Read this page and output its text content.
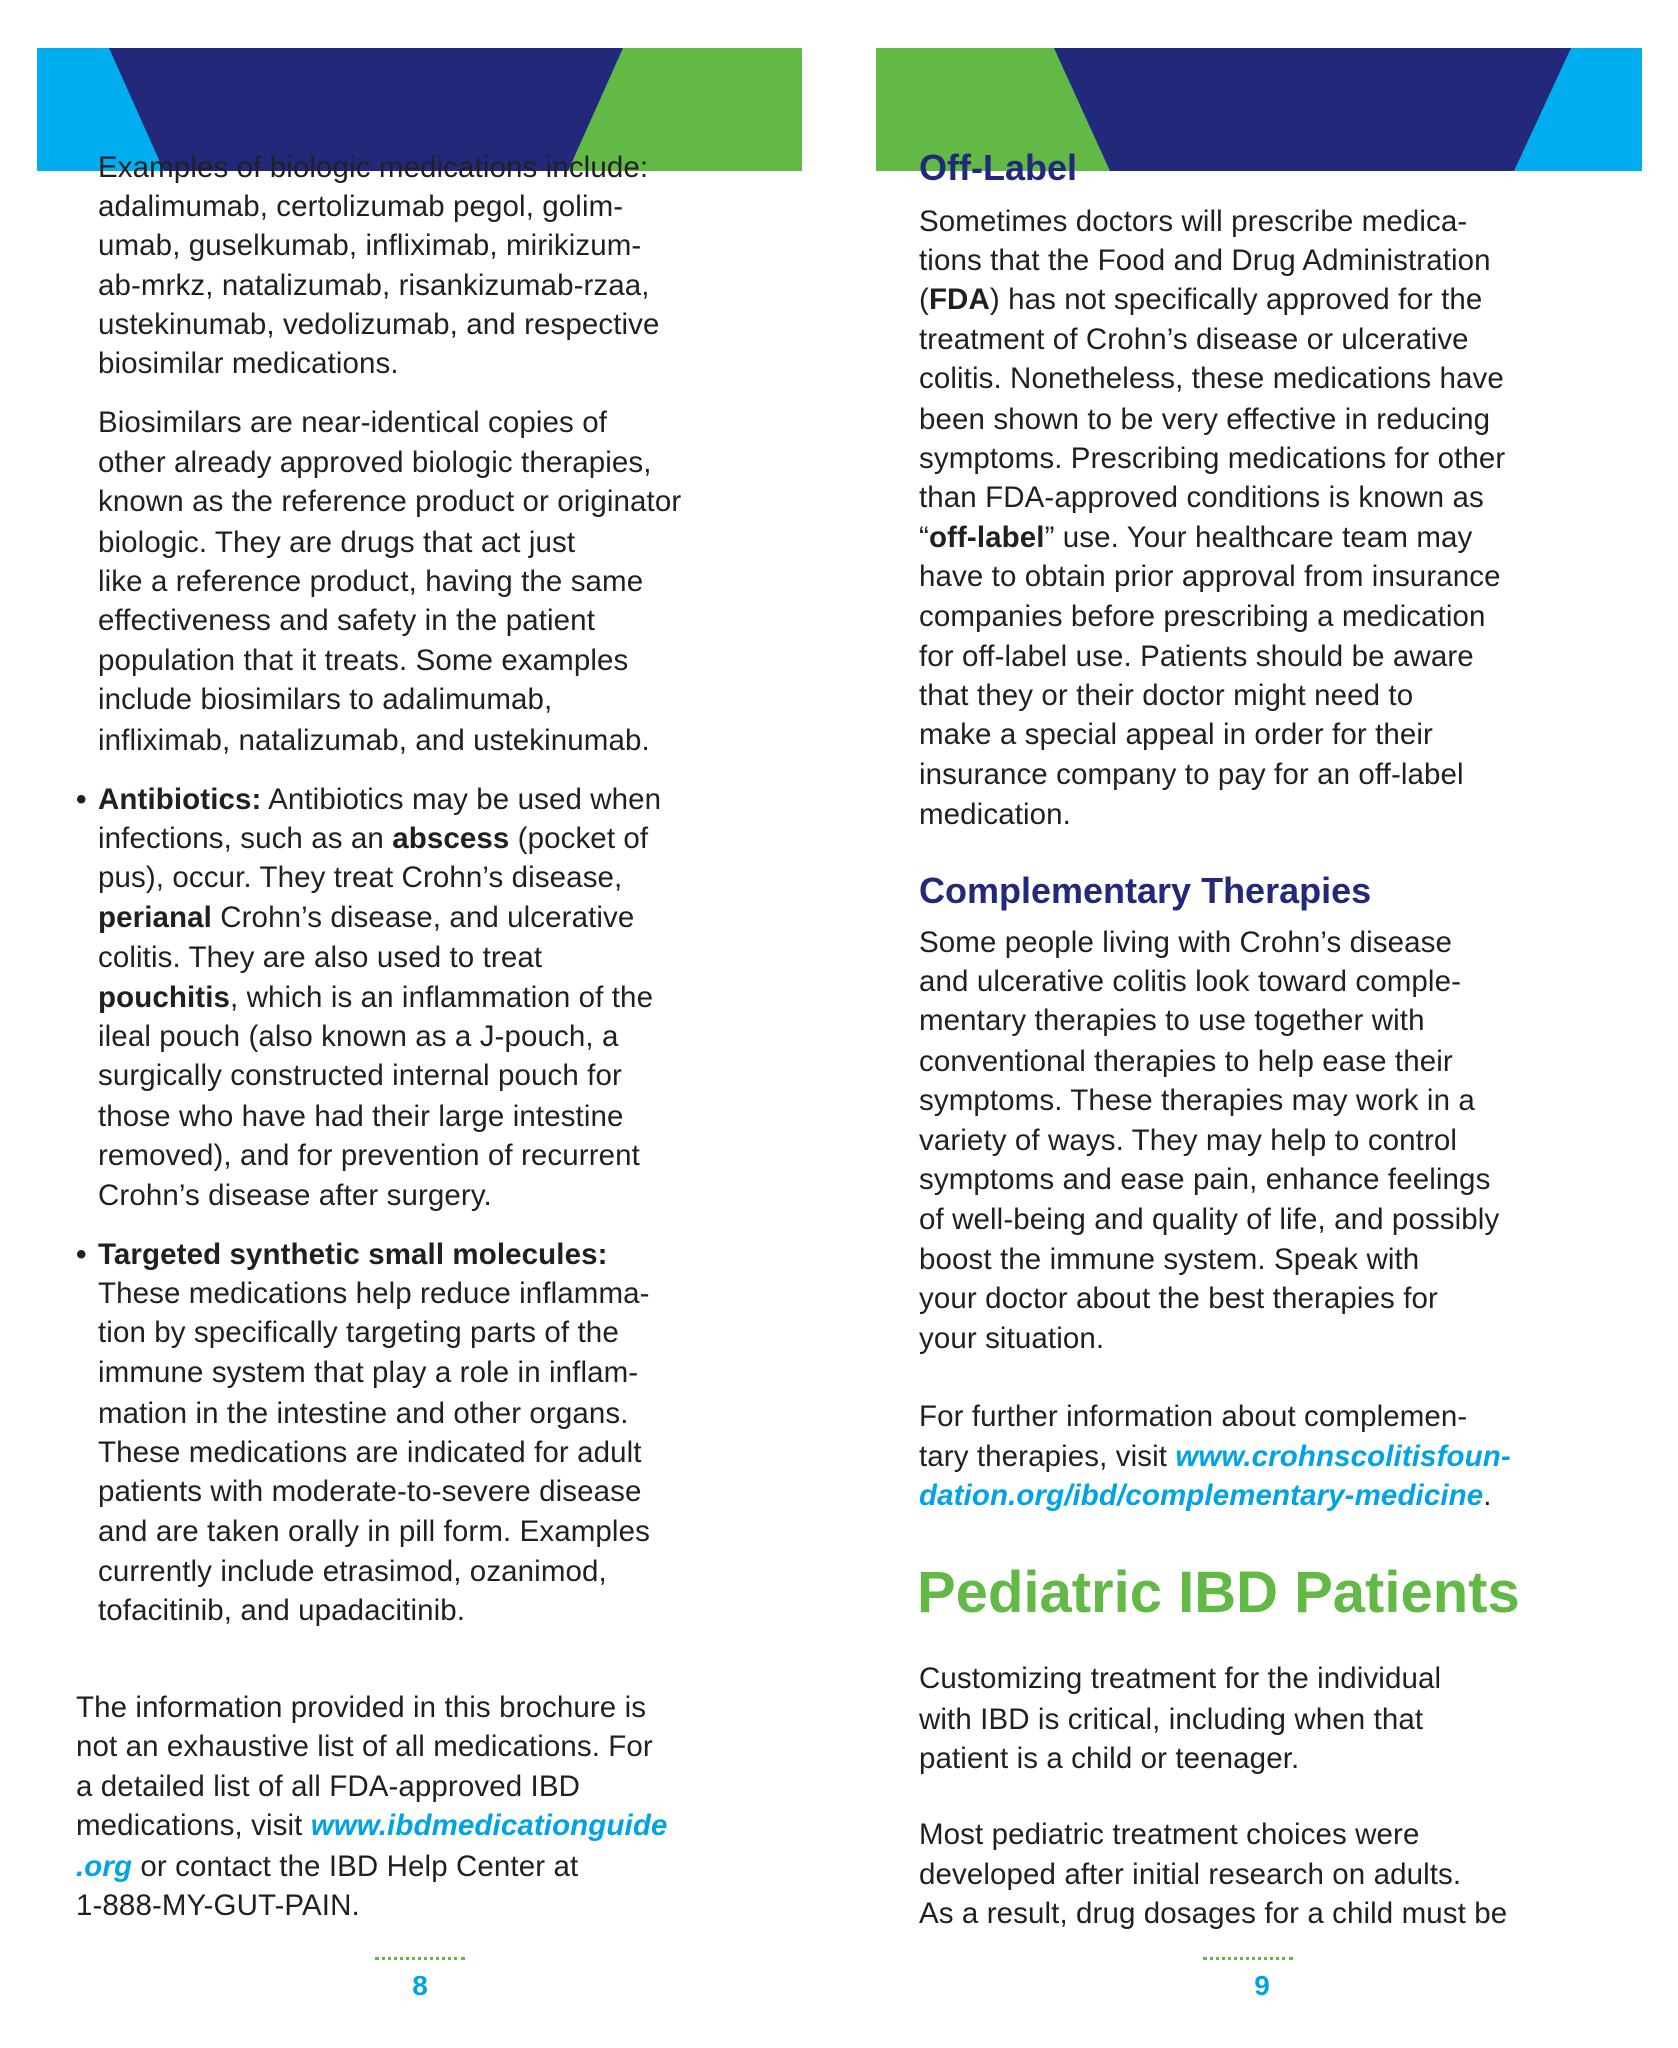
Examples of biologic medications include:
adalimumab, certolizumab pegol, golim-
umab, guselkumab, infliximab, mirikizum-
ab-mrkz, natalizumab, risankizumab-rzaa,
ustekinumab, vedolizumab, and respective
biosimilar medications.
Biosimilars are near-identical copies of
other already approved biologic therapies,
known as the reference product or originator
biologic. They are drugs that act just
like a reference product, having the same
effectiveness and safety in the patient
population that it treats. Some examples
include biosimilars to adalimumab,
infliximab, natalizumab, and ustekinumab.
• Antibiotics: Antibiotics may be used when
infections, such as an abscess (pocket of
pus), occur. They treat Crohn’s disease,
perianal Crohn’s disease, and ulcerative
colitis. They are also used to treat
pouchitis, which is an inflammation of the
ileal pouch (also known as a J-pouch, a
surgically constructed internal pouch for
those who have had their large intestine
removed), and for prevention of recurrent
Crohn’s disease after surgery.
• Targeted synthetic small molecules:
These medications help reduce inflamma-
tion by specifically targeting parts of the
immune system that play a role in inflam-
mation in the intestine and other organs.
These medications are indicated for adult
patients with moderate-to-severe disease
and are taken orally in pill form. Examples
currently include etrasimod, ozanimod,
tofacitinib, and upadacitinib.
The information provided in this brochure is
not an exhaustive list of all medications. For
a detailed list of all FDA-approved IBD
medications, visit www.ibdmedicationguide
.org or contact the IBD Help Center at
1-888-MY-GUT-PAIN.
8
Off-Label
Sometimes doctors will prescribe medica-
tions that the Food and Drug Administration
(FDA) has not specifically approved for the
treatment of Crohn’s disease or ulcerative
colitis. Nonetheless, these medications have
been shown to be very effective in reducing
symptoms. Prescribing medications for other
than FDA-approved conditions is known as
“off-label” use. Your healthcare team may
have to obtain prior approval from insurance
companies before prescribing a medication
for off-label use. Patients should be aware
that they or their doctor might need to
make a special appeal in order for their
insurance company to pay for an off-label
medication.
Complementary Therapies
Some people living with Crohn’s disease
and ulcerative colitis look toward comple-
mentary therapies to use together with
conventional therapies to help ease their
symptoms. These therapies may work in a
variety of ways. They may help to control
symptoms and ease pain, enhance feelings
of well-being and quality of life, and possibly
boost the immune system. Speak with
your doctor about the best therapies for
your situation.
For further information about complemen-
tary therapies, visit www.crohnscolitisfoun-
dation.org/ibd/complementary-medicine.
Pediatric IBD Patients
Customizing treatment for the individual
with IBD is critical, including when that
patient is a child or teenager.
Most pediatric treatment choices were
developed after initial research on adults.
As a result, drug dosages for a child must be
9
